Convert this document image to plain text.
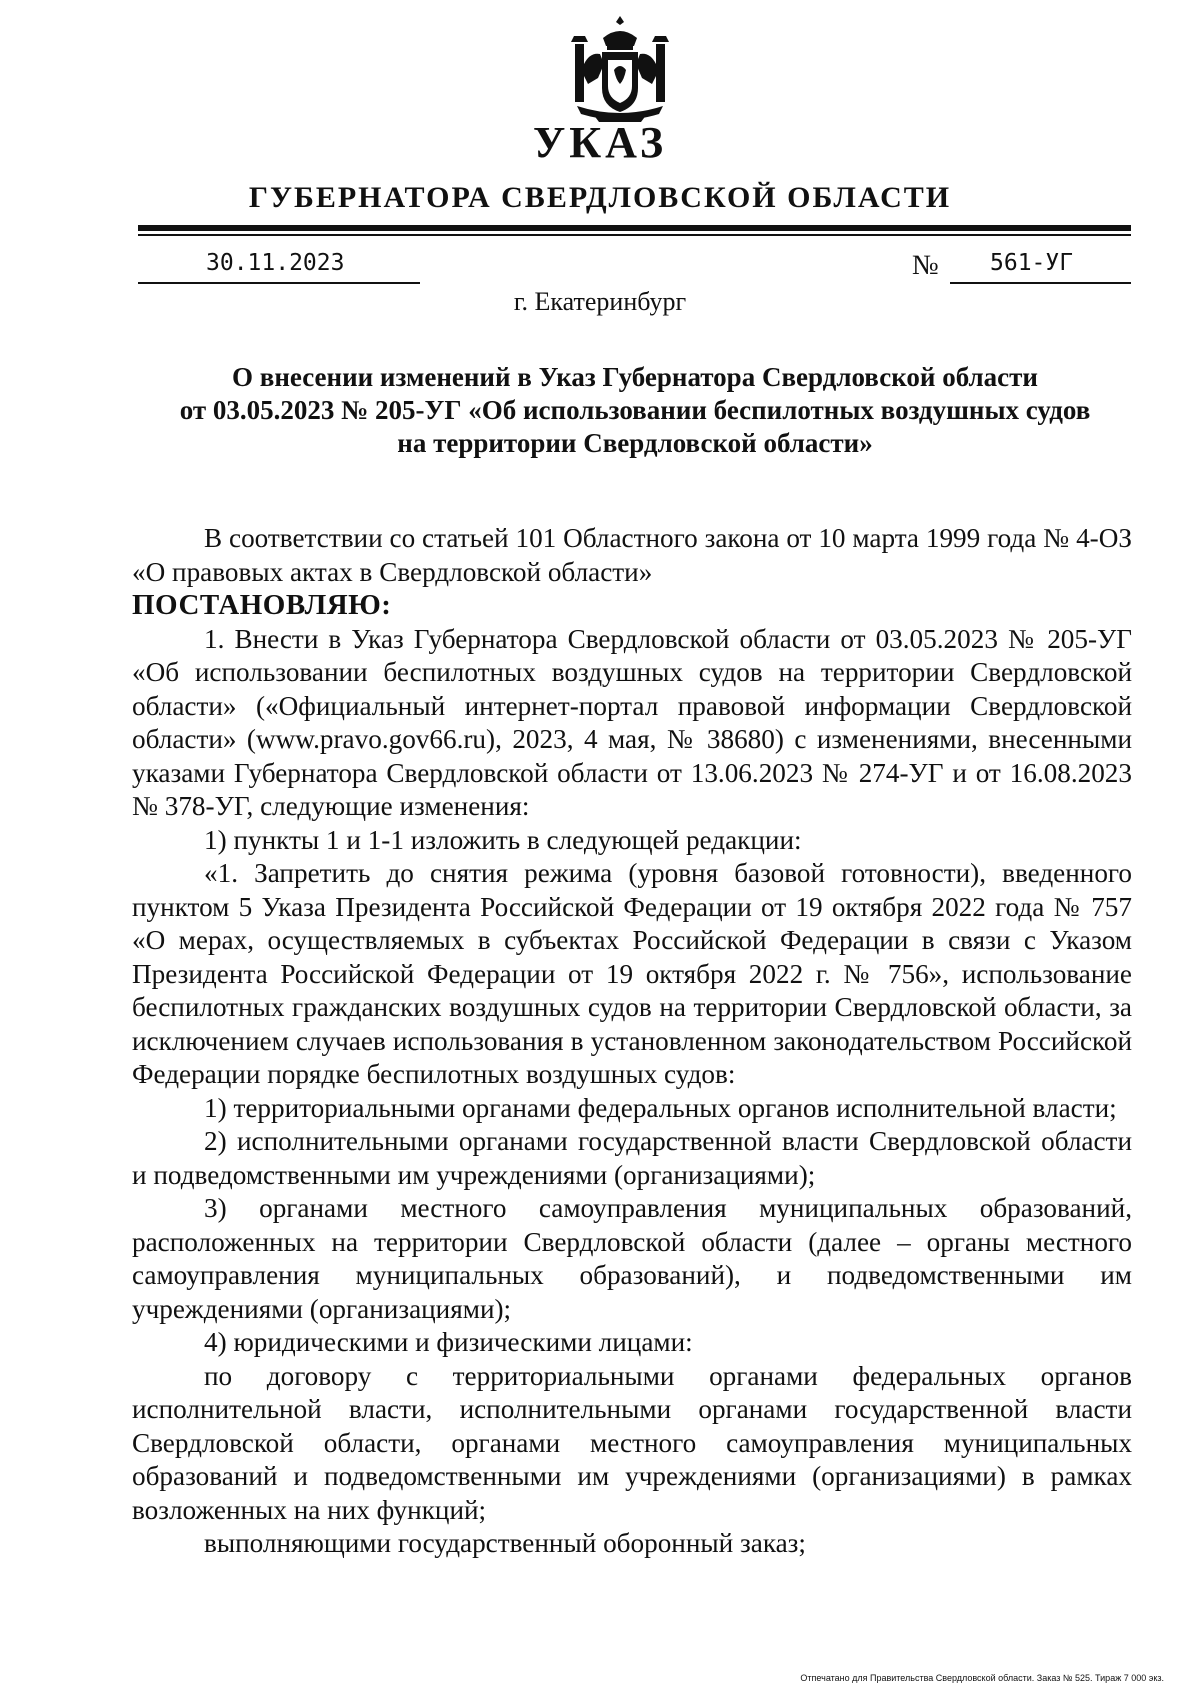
УКАЗ
ГУБЕРНАТОРА СВЕРДЛОВСКОЙ ОБЛАСТИ
30.11.2023	№ 561-УГ
г. Екатеринбург
О внесении изменений в Указ Губернатора Свердловской области
от 03.05.2023 № 205-УГ «Об использовании беспилотных воздушных судов
на территории Свердловской области»

В соответствии со статьей 101 Областного закона от 10 марта 1999 года № 4-ОЗ «О правовых актах в Свердловской области»

ПОСТАНОВЛЯЮ:

1. Внести в Указ Губернатора Свердловской области от 03.05.2023 № 205-УГ «Об использовании беспилотных воздушных судов на территории Свердловской области» («Официальный интернет-портал правовой информации Свердловской области» (www.pravo.gov66.ru), 2023, 4 мая, № 38680) с изменениями, внесенными указами Губернатора Свердловской области от 13.06.2023 № 274-УГ и от 16.08.2023 № 378-УГ, следующие изменения:

1) пункты 1 и 1-1 изложить в следующей редакции:

«1. Запретить до снятия режима (уровня базовой готовности), введенного пунктом 5 Указа Президента Российской Федерации от 19 октября 2022 года № 757 «О мерах, осуществляемых в субъектах Российской Федерации в связи с Указом Президента Российской Федерации от 19 октября 2022 г. № 756», использование беспилотных гражданских воздушных судов на территории Свердловской области, за исключением случаев использования в установленном законодательством Российской Федерации порядке беспилотных воздушных судов:

1) территориальными органами федеральных органов исполнительной власти;

2) исполнительными органами государственной власти Свердловской области и подведомственными им учреждениями (организациями);

3) органами местного самоуправления муниципальных образований, расположенных на территории Свердловской области (далее – органы местного самоуправления муниципальных образований), и подведомственными им учреждениями (организациями);

4) юридическими и физическими лицами:

по договору с территориальными органами федеральных органов исполнительной власти, исполнительными органами государственной власти Свердловской области, органами местного самоуправления муниципальных образований и подведомственными им учреждениями (организациями) в рамках возложенных на них функций;

выполняющими государственный оборонный заказ;

Отпечатано для Правительства Свердловской области. Заказ № 525. Тираж 7 000 экз.
